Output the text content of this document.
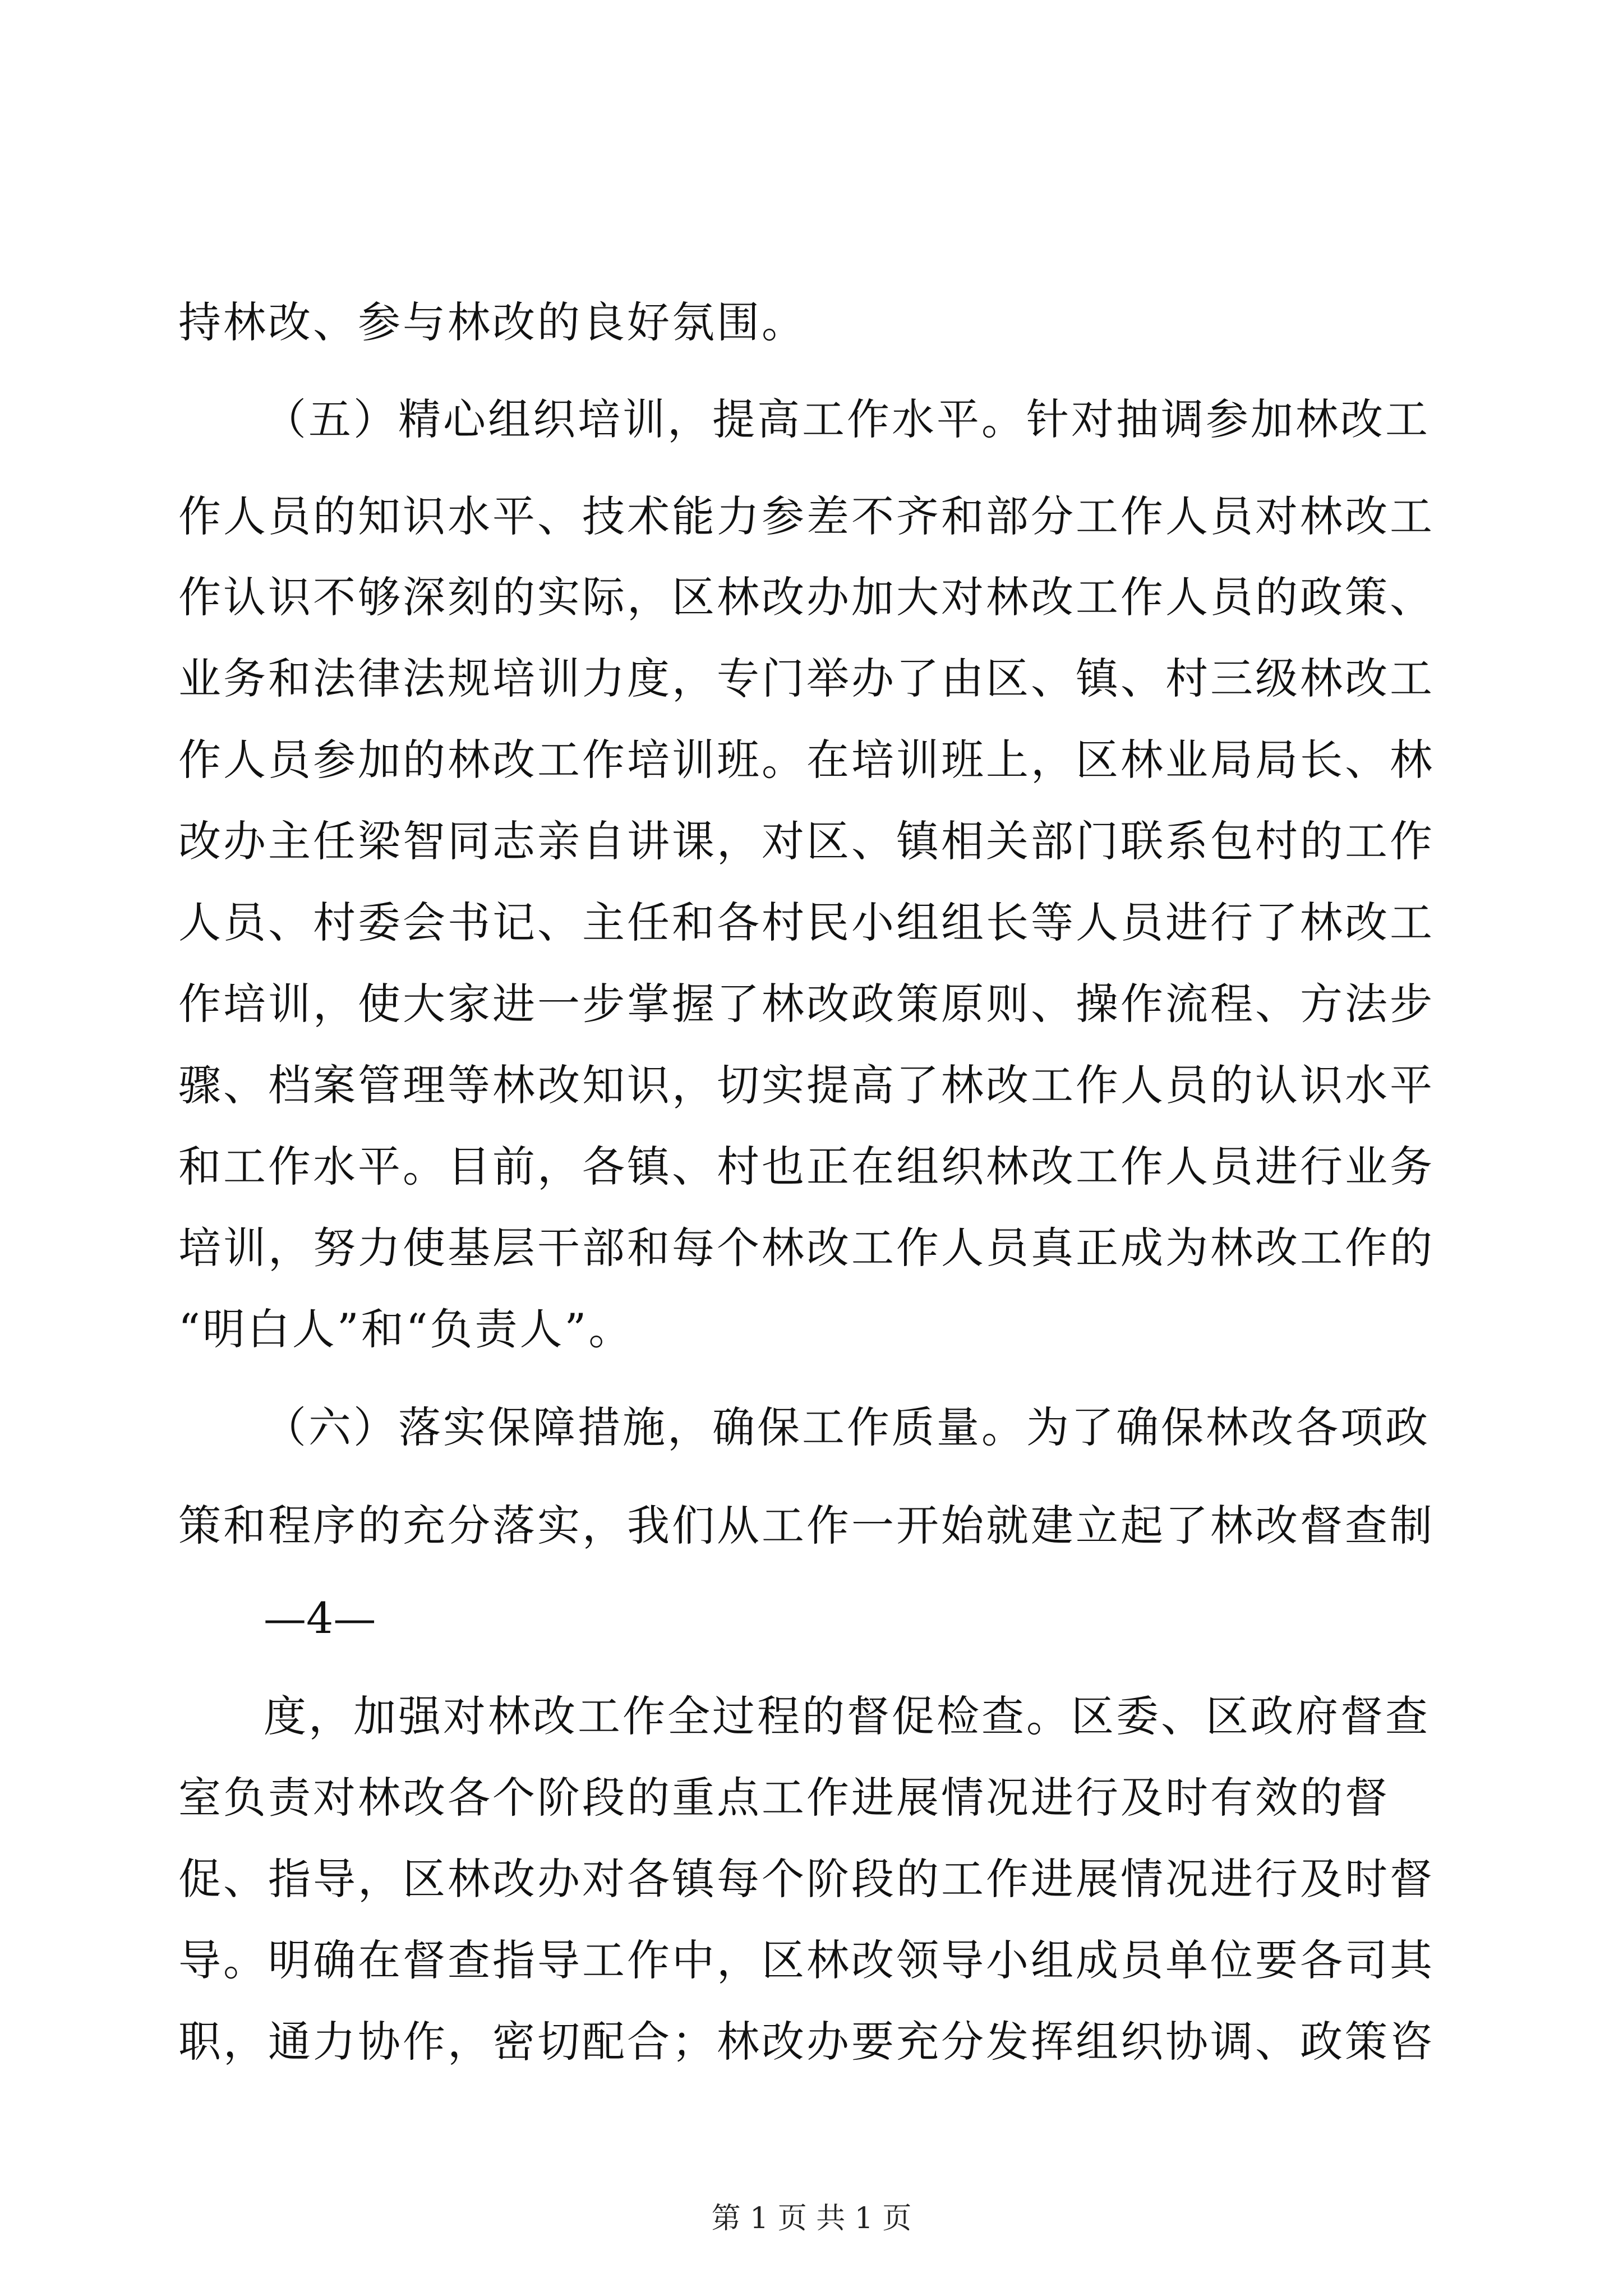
持林改、参与林改的良好氛围。
（五）精心组织培训，提高工作水平。针对抽调参加林改工
作人员的知识水平、技术能力参差不齐和部分工作人员对林改工
作认识不够深刻的实际，区林改办加大对林改工作人员的政策、
业务和法律法规培训力度，专门举办了由区、镇、村三级林改工
作人员参加的林改工作培训班。在培训班上，区林业局局长、林
改办主任梁智同志亲自讲课，对区、镇相关部门联系包村的工作
人员、村委会书记、主任和各村民小组组长等人员进行了林改工
作培训，使大家进一步掌握了林改政策原则、操作流程、方法步
骤、档案管理等林改知识，切实提高了林改工作人员的认识水平
和工作水平。目前，各镇、村也正在组织林改工作人员进行业务
培训，努力使基层干部和每个林改工作人员真正成为林改工作的
“明白人”和“负责人”。
（六）落实保障措施，确保工作质量。为了确保林改各项政
策和程序的充分落实，我们从工作一开始就建立起了林改督查制
度，加强对林改工作全过程的督促检查。区委、区政府督查
室负责对林改各个阶段的重点工作进展情况进行及时有效的督
促、指导，区林改办对各镇每个阶段的工作进展情况进行及时督
导。明确在督查指导工作中，区林改领导小组成员单位要各司其
职，通力协作，密切配合；林改办要充分发挥组织协调、政策咨
—4—
第 1 页 共 1 页
